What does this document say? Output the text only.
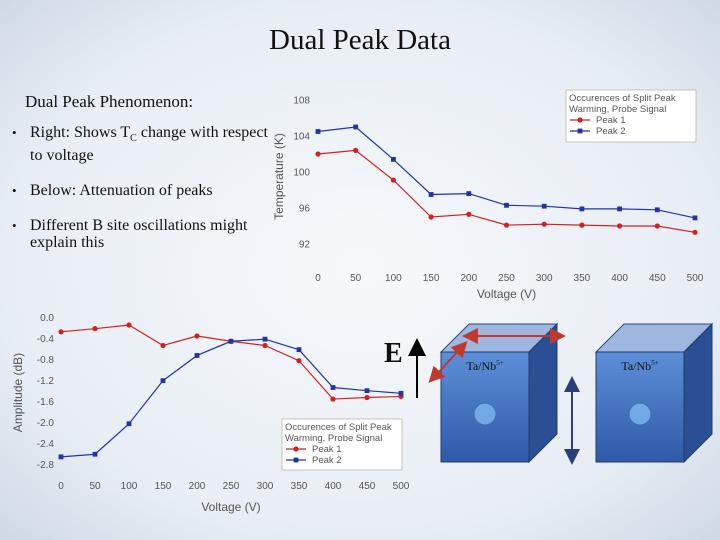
Dual Peak Data
Dual Peak Phenomenon:
• Right: Shows $T_C$ change with respect to voltage
• Below: Attenuation of peaks
• Different B site oscillations might explain this
0	50 100 150 200 250 300 350 400 450 500
92
96
100
104
108
Voltage (V)
Temperature (K)
Occurences of Split Peak
Warming, Probe Signal
Peak 1
Peak 2
0	50 100 150 200 250 300 350 400 450 500
0.0
-0.4
-0.8
-1.2
-1.6
-2.0
-2.4
-2.8
Voltage (V)
Amplitude (dB)	Occurences of Split Peak
Warming, Probe Signal
Peak 1
Peak 2
E	$Ta/Nb^{5+}$	$Ta/Nb^{5+}$
